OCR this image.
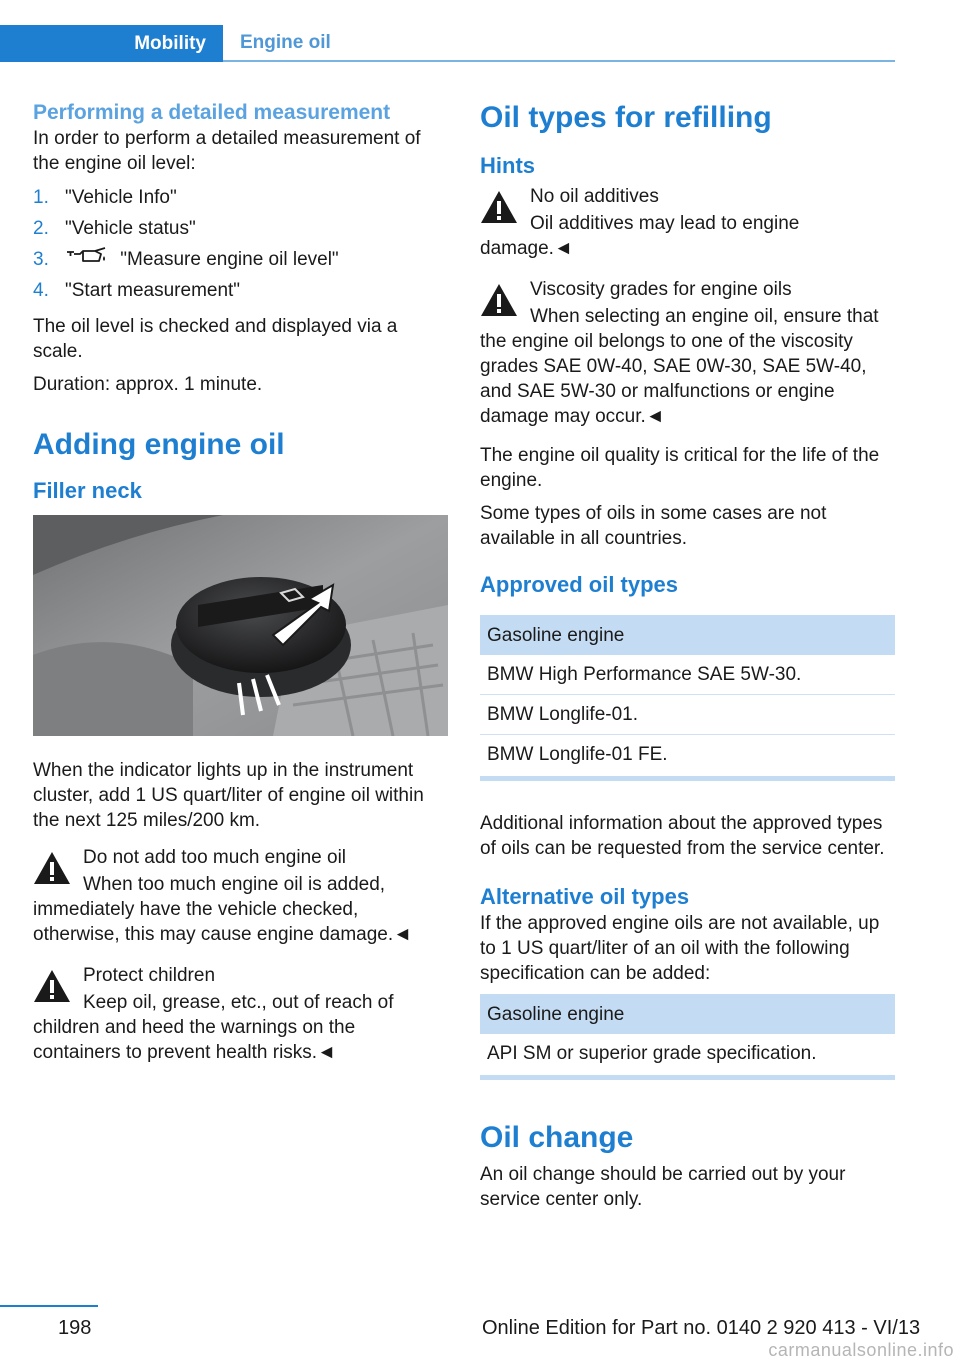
Mobility	Engine oil
Performing a detailed measurement

In order to perform a detailed measurement of the engine oil level:

1. "Vehicle Info"
2. "Vehicle status"
3.	"Measure engine oil level"
4. "Start measurement"

The oil level is checked and displayed via a scale.

Duration: approx. 1 minute.

Adding engine oil
Filler neck

When the indicator lights up in the instrument cluster, add 1 US quart/liter of engine oil within the next 125 miles/200 km.

Do not add too much engine oil
When too much engine oil is added, immediately have the vehicle checked, otherwise, this may cause engine damage.◄
Protect children
Keep oil, grease, etc., out of reach of children and heed the warnings on the containers to prevent health risks.◄
Oil types for refilling
Hints
No oil additives
Oil additives may lead to engine damage.◄
Viscosity grades for engine oils
When selecting an engine oil, ensure that the engine oil belongs to one of the viscosity grades SAE 0W-40, SAE 0W-30, SAE 5W-40, and SAE 5W-30 or malfunctions or engine damage may occur.◄

The engine oil quality is critical for the life of the engine.

Some types of oils in some cases are not available in all countries.

Approved oil types
Gasoline engine
BMW High Performance SAE 5W-30.
BMW Longlife-01.
BMW Longlife-01 FE.

Additional information about the approved types of oils can be requested from the service center.

Alternative oil types

If the approved engine oils are not available, up to 1 US quart/liter of an oil with the following specification can be added:

Gasoline engine
API SM or superior grade specification.
Oil change

An oil change should be carried out by your service center only.

198	Online Edition for Part no. 0140 2 920 413 - VI/13
carmanualsonline.info
